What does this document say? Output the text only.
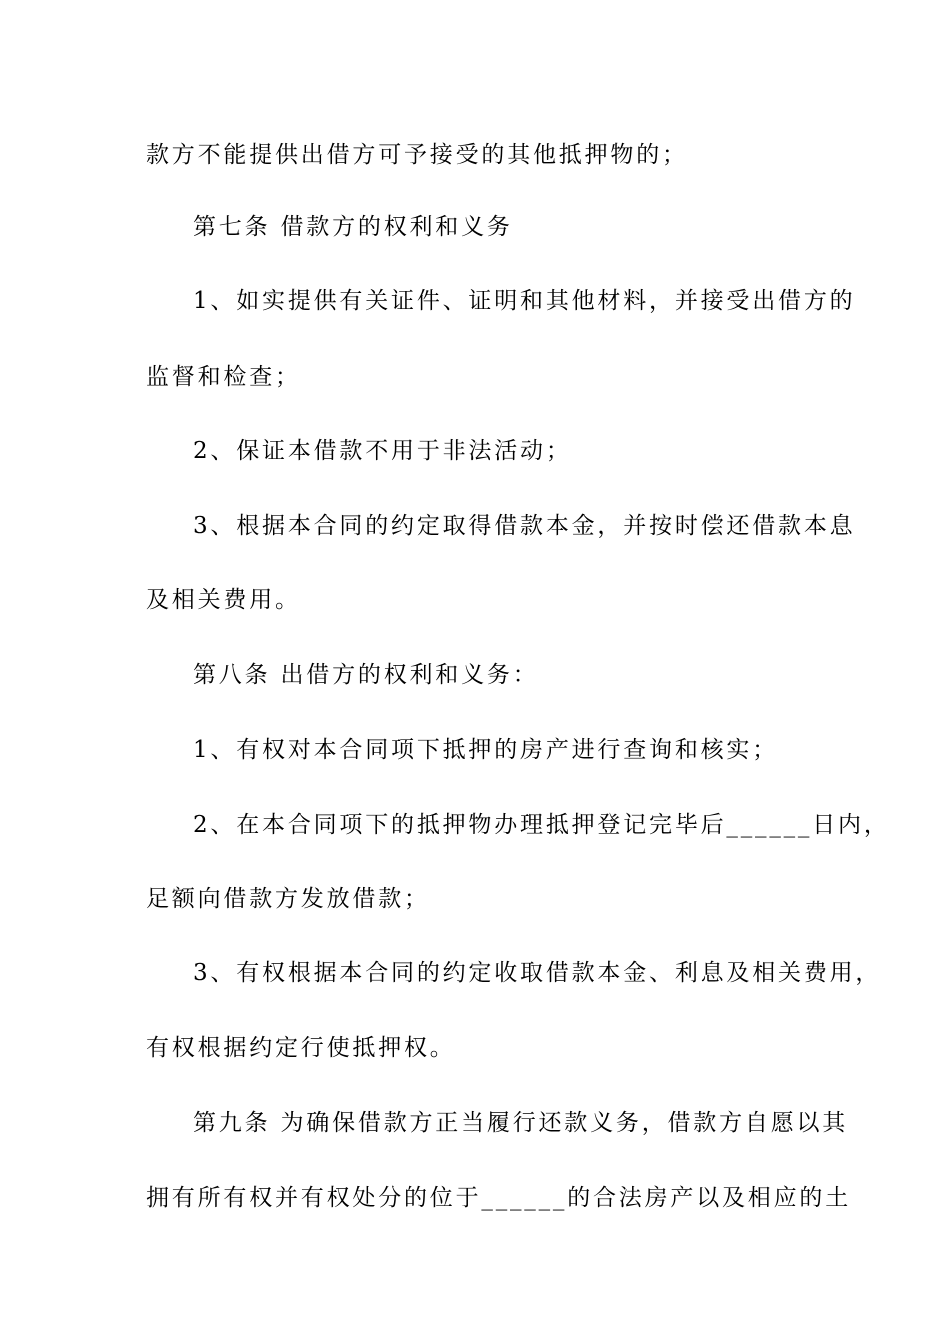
款方不能提供出借方可予接受的其他抵押物的；

第七条 借款方的权利和义务

1、如实提供有关证件、证明和其他材料，并接受出借方的

监督和检查；

2、保证本借款不用于非法活动；

3、根据本合同的约定取得借款本金，并按时偿还借款本息

及相关费用。

第八条 出借方的权利和义务：

1、有权对本合同项下抵押的房产进行查询和核实；

2、在本合同项下的抵押物办理抵押登记完毕后______日内，

足额向借款方发放借款；

3、有权根据本合同的约定收取借款本金、利息及相关费用，

有权根据约定行使抵押权。

第九条 为确保借款方正当履行还款义务，借款方自愿以其

拥有所有权并有权处分的位于______的合法房产以及相应的土
